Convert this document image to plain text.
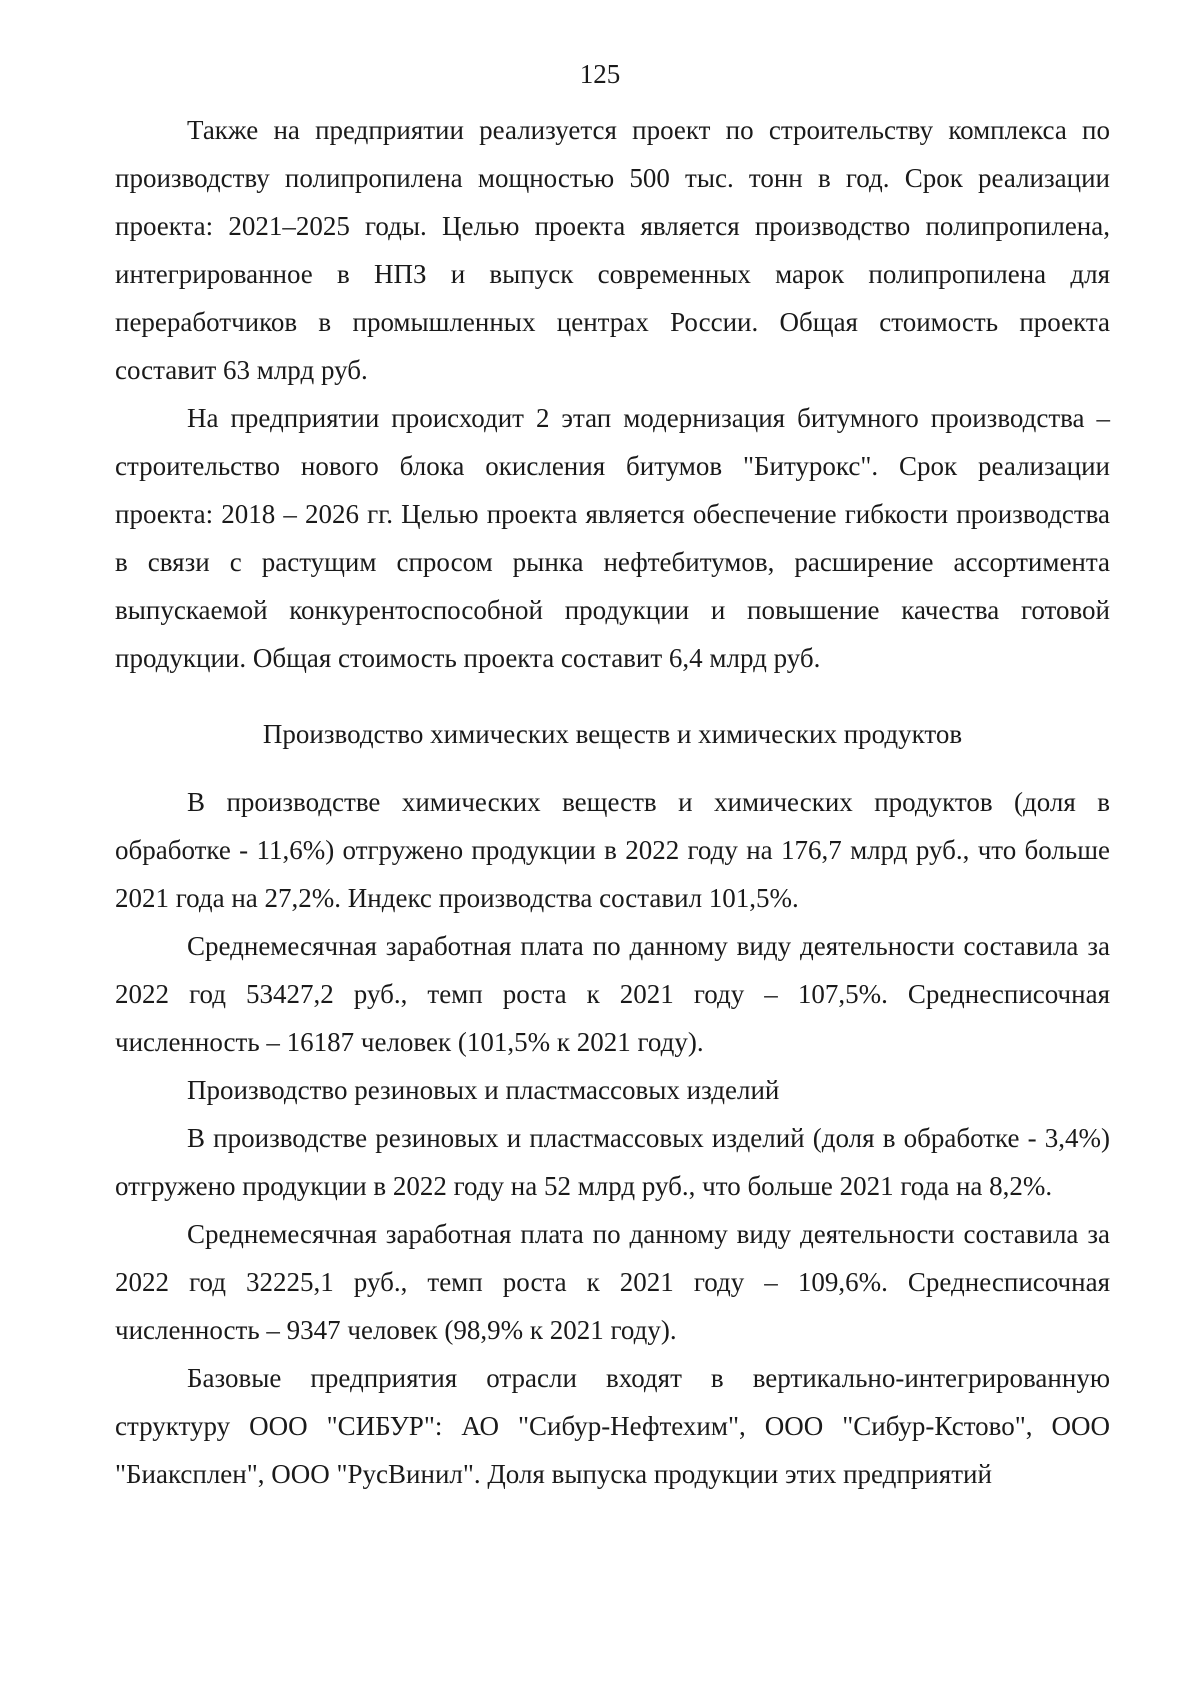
125

Также на предприятии реализуется проект по строительству комплекса по производству полипропилена мощностью 500 тыс. тонн в год. Срок реализации проекта: 2021–2025 годы. Целью проекта является производство полипропилена, интегрированное в НПЗ и выпуск современных марок полипропилена для переработчиков в промышленных центрах России. Общая стоимость проекта составит 63 млрд руб.

На предприятии происходит 2 этап модернизация битумного производства – строительство нового блока окисления битумов "Битурокс". Срок реализации проекта: 2018 – 2026 гг. Целью проекта является обеспечение гибкости производства в связи с растущим спросом рынка нефтебитумов, расширение ассортимента выпускаемой конкурентоспособной продукции и повышение качества готовой продукции. Общая стоимость проекта составит 6,4 млрд руб.

Производство химических веществ и химических продуктов

В производстве химических веществ и химических продуктов (доля в обработке - 11,6%) отгружено продукции в 2022 году на 176,7 млрд руб., что больше 2021 года на 27,2%. Индекс производства составил 101,5%.

Среднемесячная заработная плата по данному виду деятельности составила за 2022 год 53427,2 руб., темп роста к 2021 году – 107,5%. Среднесписочная численность – 16187 человек (101,5% к 2021 году).

Производство резиновых и пластмассовых изделий

В производстве резиновых и пластмассовых изделий (доля в обработке - 3,4%) отгружено продукции в 2022 году на 52 млрд руб., что больше 2021 года на 8,2%.

Среднемесячная заработная плата по данному виду деятельности составила за 2022 год 32225,1 руб., темп роста к 2021 году – 109,6%. Среднесписочная численность – 9347 человек (98,9% к 2021 году).

Базовые предприятия отрасли входят в вертикально-интегрированную структуру ООО "СИБУР": АО "Сибур-Нефтехим", ООО "Сибур-Кстово", ООО "Биаксплен", ООО "РусВинил". Доля выпуска продукции этих предприятий
